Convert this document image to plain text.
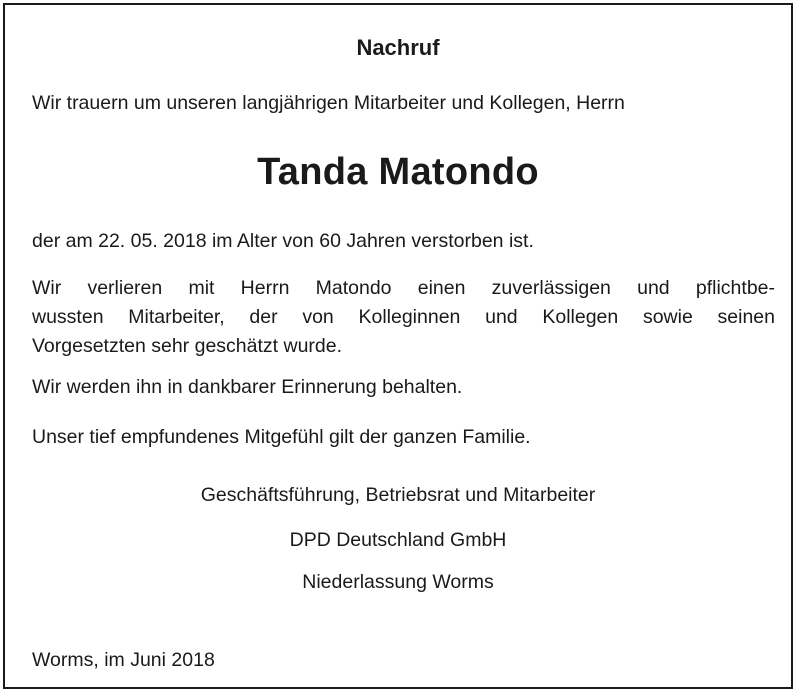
Nachruf
Wir trauern um unseren langjährigen Mitarbeiter und Kollegen, Herrn
Tanda Matondo
der am 22. 05. 2018 im Alter von 60 Jahren verstorben ist.
Wir verlieren mit Herrn Matondo einen zuverlässigen und pflichtbe-
wussten Mitarbeiter, der von Kolleginnen und Kollegen sowie seinen
Vorgesetzten sehr geschätzt wurde.
Wir werden ihn in dankbarer Erinnerung behalten.
Unser tief empfundenes Mitgefühl gilt der ganzen Familie.
Geschäftsführung, Betriebsrat und Mitarbeiter
DPD Deutschland GmbH
Niederlassung Worms
Worms, im Juni 2018
